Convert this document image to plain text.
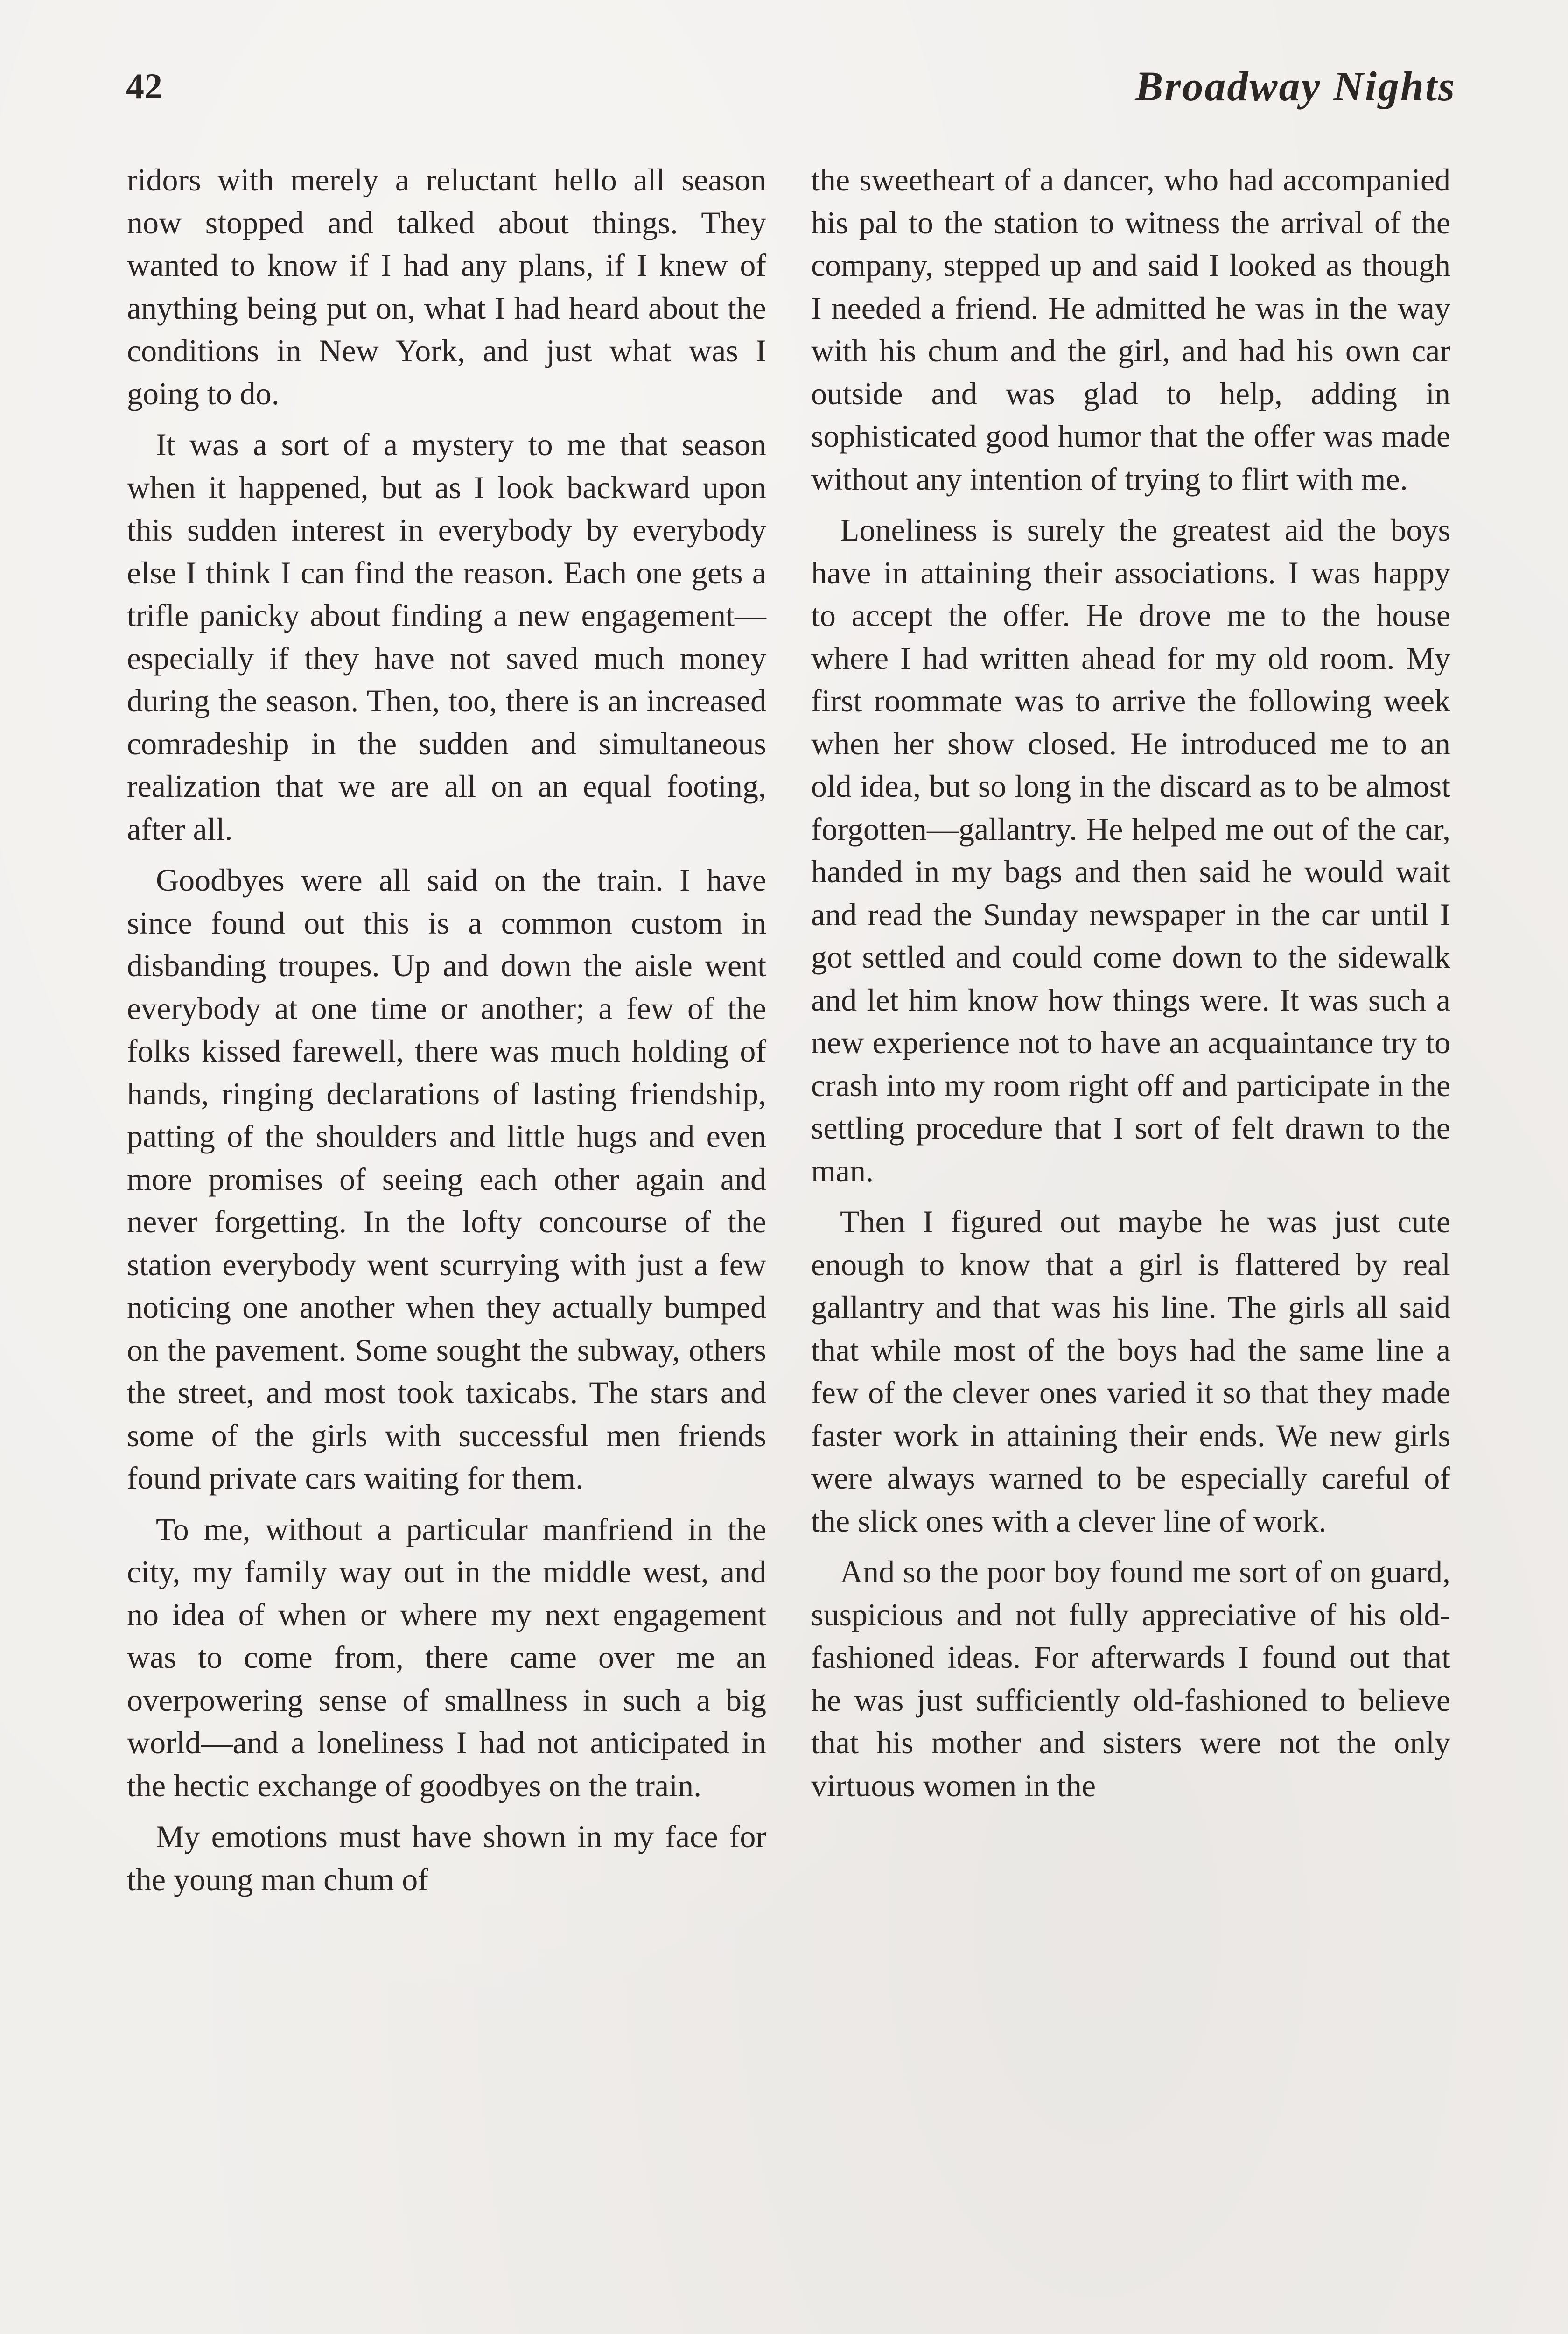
42	Broadway Nights

ridors with merely a reluctant hello all season now stopped and talked about things. They wanted to know if I had any plans, if I knew of anything being put on, what I had heard about the conditions in New York, and just what was I going to do.

It was a sort of a mystery to me that season when it happened, but as I look backward upon this sudden interest in everybody by everybody else I think I can find the reason. Each one gets a trifle panicky about finding a new engagement—especially if they have not saved much money during the season. Then, too, there is an increased comradeship in the sudden and simultaneous realization that we are all on an equal footing, after all.

Goodbyes were all said on the train. I have since found out this is a common custom in disbanding troupes. Up and down the aisle went everybody at one time or another; a few of the folks kissed farewell, there was much holding of hands, ringing declarations of lasting friendship, patting of the shoulders and little hugs and even more promises of seeing each other again and never forgetting. In the lofty concourse of the station everybody went scurrying with just a few noticing one another when they actually bumped on the pavement. Some sought the subway, others the street, and most took taxicabs. The stars and some of the girls with successful men friends found private cars waiting for them.

To me, without a particular manfriend in the city, my family way out in the middle west, and no idea of when or where my next engagement was to come from, there came over me an overpowering sense of smallness in such a big world—and a loneliness I had not anticipated in the hectic exchange of goodbyes on the train.

My emotions must have shown in my face for the young man chum of

the sweetheart of a dancer, who had accompanied his pal to the station to witness the arrival of the company, stepped up and said I looked as though I needed a friend. He admitted he was in the way with his chum and the girl, and had his own car outside and was glad to help, adding in sophisticated good humor that the offer was made without any intention of trying to flirt with me.

Loneliness is surely the greatest aid the boys have in attaining their associations. I was happy to accept the offer. He drove me to the house where I had written ahead for my old room. My first roommate was to arrive the following week when her show closed. He introduced me to an old idea, but so long in the discard as to be almost forgotten—gallantry. He helped me out of the car, handed in my bags and then said he would wait and read the Sunday newspaper in the car until I got settled and could come down to the sidewalk and let him know how things were. It was such a new experience not to have an acquaintance try to crash into my room right off and participate in the settling procedure that I sort of felt drawn to the man.

Then I figured out maybe he was just cute enough to know that a girl is flattered by real gallantry and that was his line. The girls all said that while most of the boys had the same line a few of the clever ones varied it so that they made faster work in attaining their ends. We new girls were always warned to be especially careful of the slick ones with a clever line of work.

And so the poor boy found me sort of on guard, suspicious and not fully appreciative of his old-fashioned ideas. For afterwards I found out that he was just sufficiently old-fashioned to believe that his mother and sisters were not the only virtuous women in the
